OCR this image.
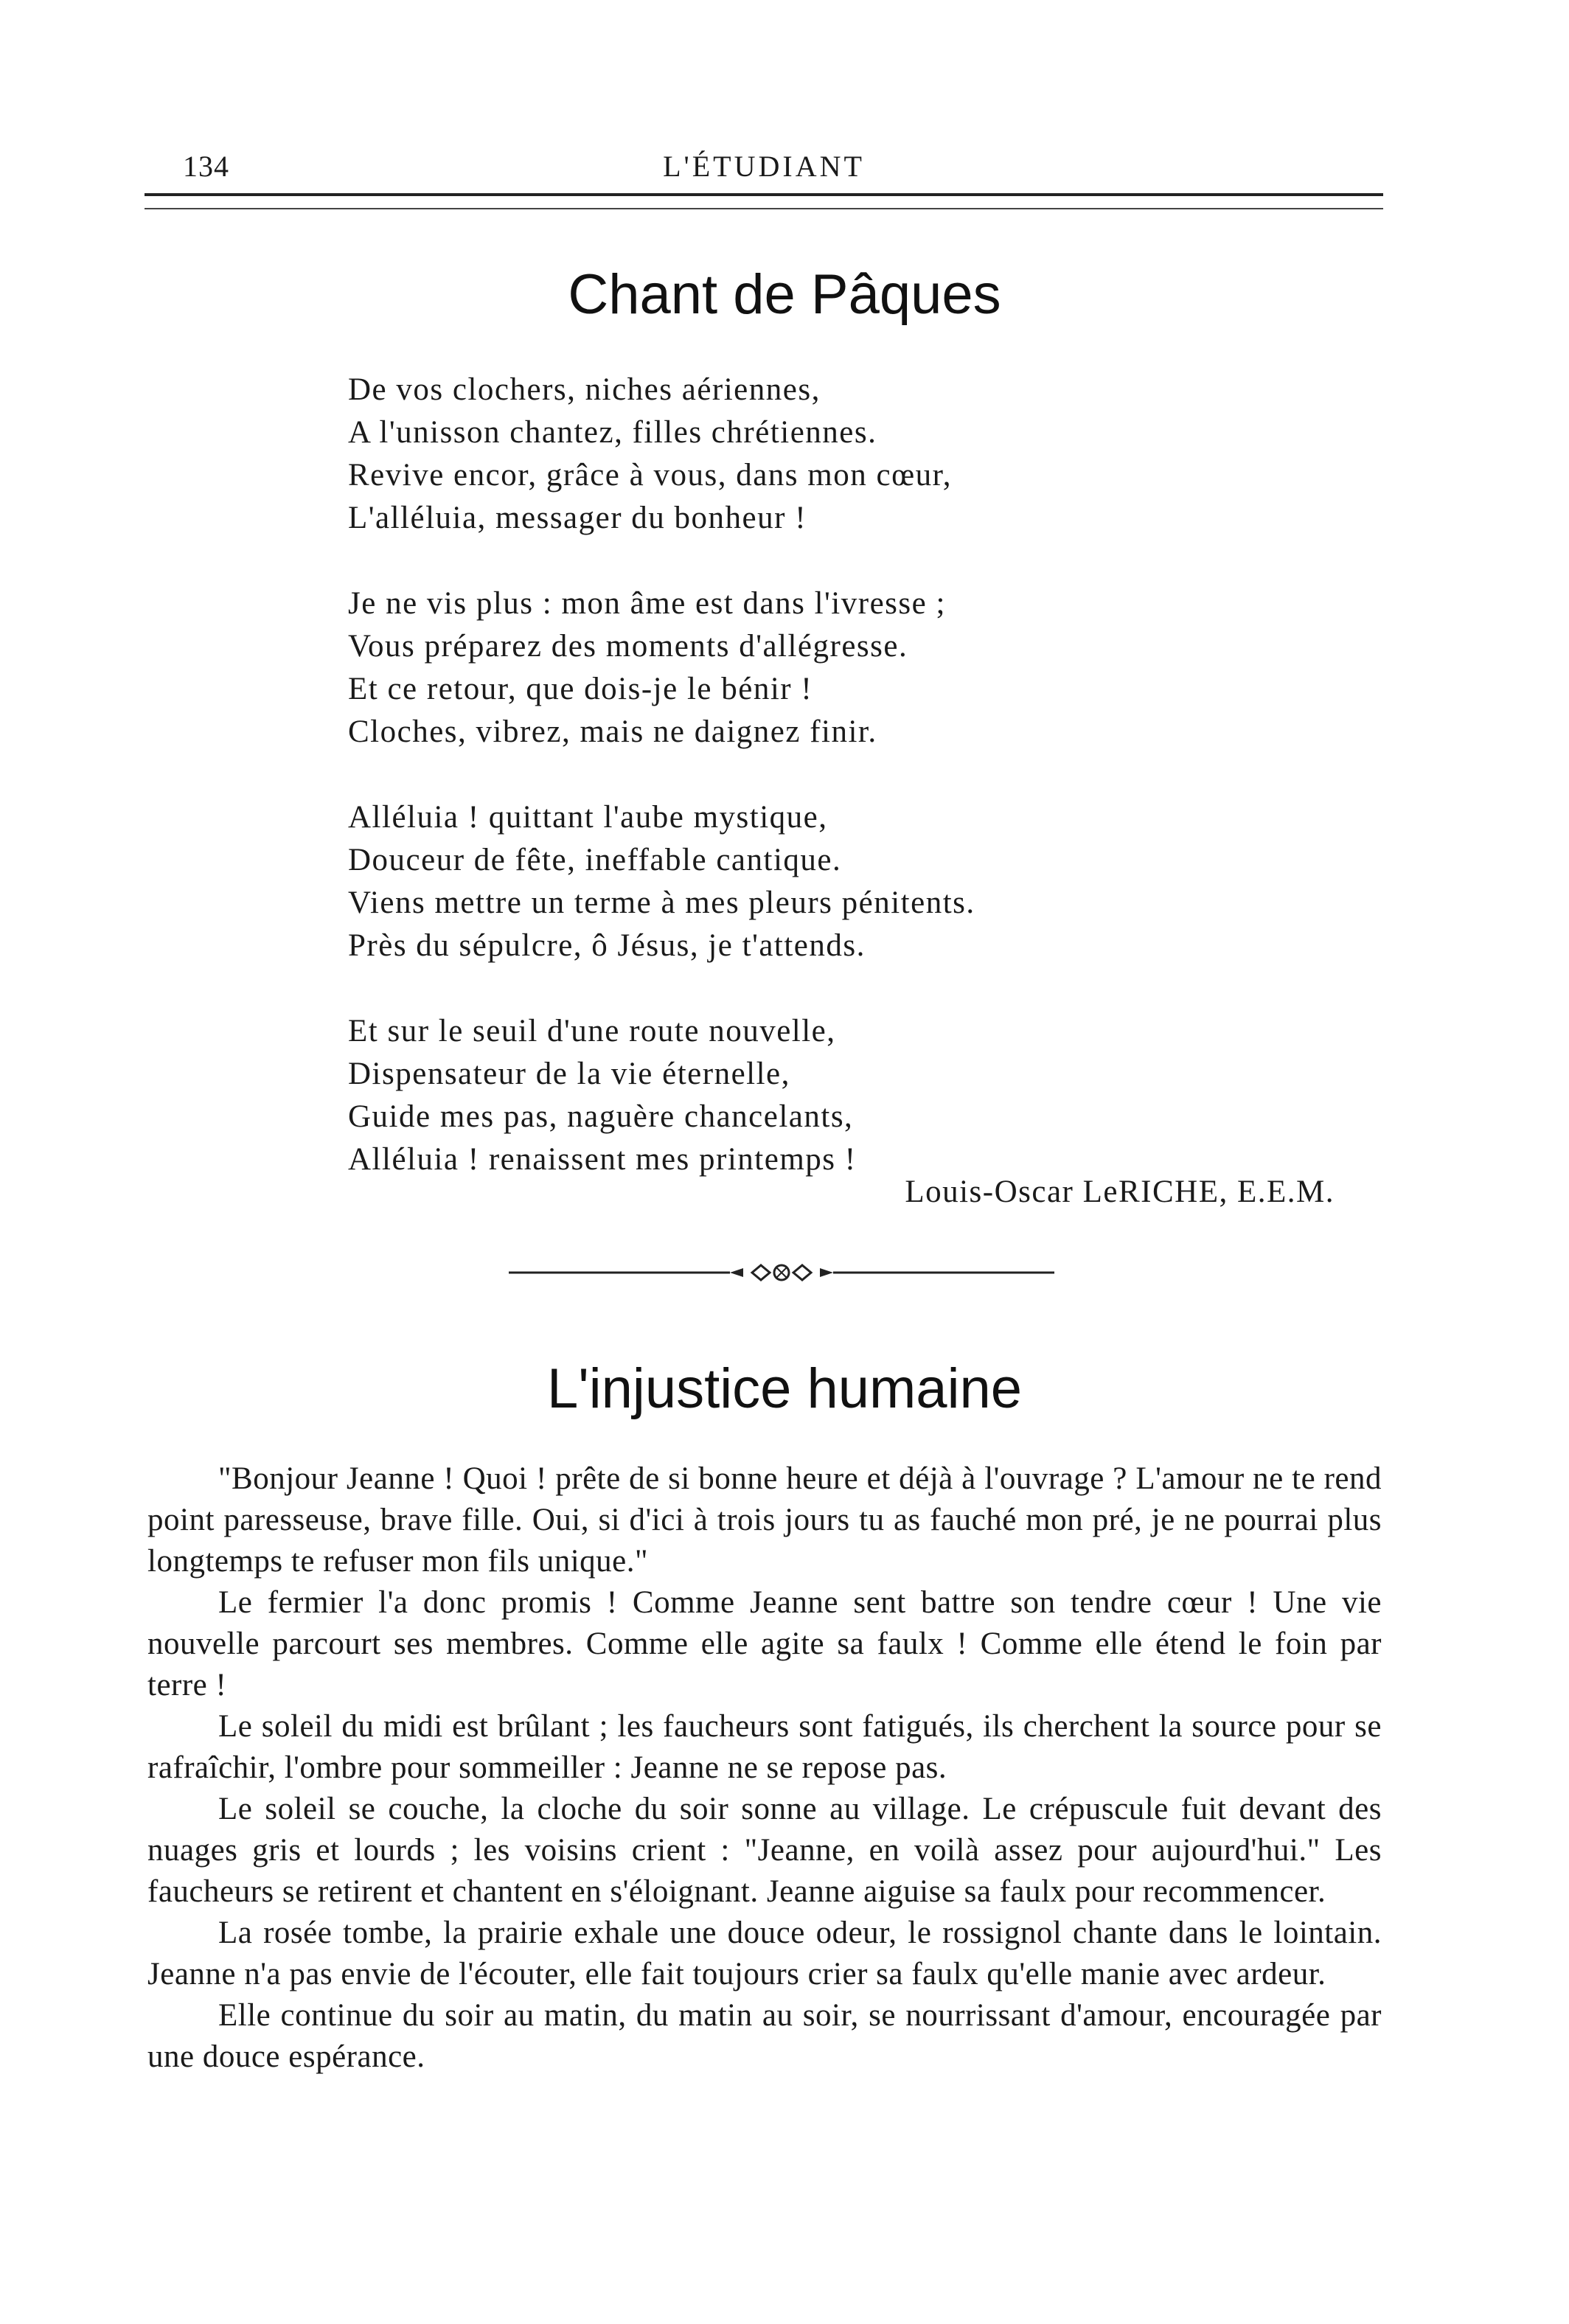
134	L'ÉTUDIANT
Chant de Pâques
De vos clochers, niches aériennes,
A l'unisson chantez, filles chrétiennes.
Revive encor, grâce à vous, dans mon cœur,
L'alléluia, messager du bonheur !
Je ne vis plus : mon âme est dans l'ivresse ;
Vous préparez des moments d'allégresse.
Et ce retour, que dois-je le bénir !
Cloches, vibrez, mais ne daignez finir.
Alléluia ! quittant l'aube mystique,
Douceur de fête, ineffable cantique.
Viens mettre un terme à mes pleurs pénitents.
Près du sépulcre, ô Jésus, je t'attends.
Et sur le seuil d'une route nouvelle,
Dispensateur de la vie éternelle,
Guide mes pas, naguère chancelants,
Alléluia ! renaissent mes printemps !
Louis-Oscar LeRICHE, E.E.M.
L'injustice humaine

"Bonjour Jeanne ! Quoi ! prête de si bonne heure et déjà à l'ouvrage ? L'amour ne te rend point paresseuse, brave fille. Oui, si d'ici à trois jours tu as fauché mon pré, je ne pourrai plus longtemps te refuser mon fils unique."

Le fermier l'a donc promis ! Comme Jeanne sent battre son tendre cœur ! Une vie nouvelle parcourt ses membres. Comme elle agite sa faulx ! Comme elle étend le foin par terre !

Le soleil du midi est brûlant ; les faucheurs sont fatigués, ils cherchent la source pour se rafraîchir, l'ombre pour sommeiller : Jeanne ne se repose pas.

Le soleil se couche, la cloche du soir sonne au village. Le crépuscule fuit devant des nuages gris et lourds ; les voisins crient : "Jeanne, en voilà assez pour aujourd'hui." Les faucheurs se retirent et chantent en s'éloignant. Jeanne aiguise sa faulx pour recommencer.

La rosée tombe, la prairie exhale une douce odeur, le rossignol chante dans le lointain. Jeanne n'a pas envie de l'écouter, elle fait toujours crier sa faulx qu'elle manie avec ardeur.

Elle continue du soir au matin, du matin au soir, se nourrissant d'amour, encouragée par une douce espérance.
